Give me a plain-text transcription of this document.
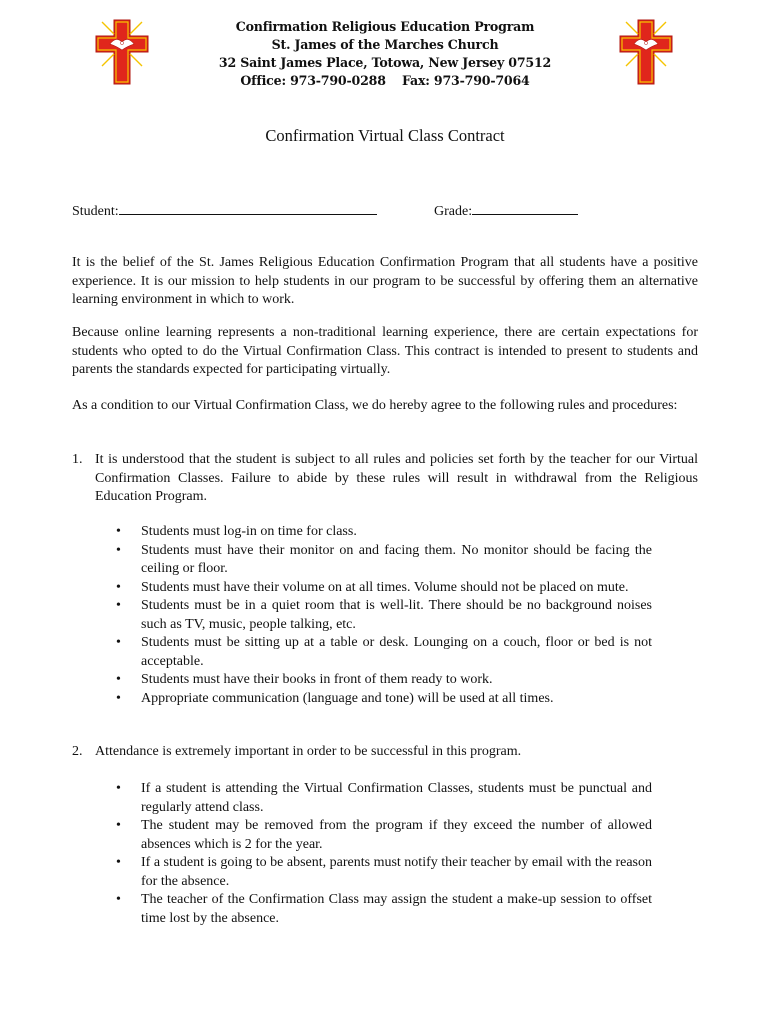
Confirmation Religious Education Program
St. James of the Marches Church
32 Saint James Place, Totowa, New Jersey 07512
Office: 973-790-0288 Fax: 973-790-7064
Confirmation Virtual Class Contract
Student:	Grade:

It is the belief of the St. James Religious Education Confirmation Program that all students have a positive experience. It is our mission to help students in our program to be successful by offering them an alternative learning environment in which to work.

Because online learning represents a non-traditional learning experience, there are certain expectations for students who opted to do the Virtual Confirmation Class. This contract is intended to present to students and parents the standards expected for participating virtually.

As a condition to our Virtual Confirmation Class, we do hereby agree to the following rules and procedures:

1. It is understood that the student is subject to all rules and policies set forth by the teacher for our Virtual Confirmation Classes. Failure to abide by these rules will result in withdrawal from the Religious Education Program.
• Students must log-in on time for class.
• Students must have their monitor on and facing them. No monitor should be facing the ceiling or floor.
• Students must have their volume on at all times. Volume should not be placed on mute.
• Students must be in a quiet room that is well-lit. There should be no background noises such as TV, music, people talking, etc.
• Students must be sitting up at a table or desk. Lounging on a couch, floor or bed is not acceptable.
• Students must have their books in front of them ready to work.
• Appropriate communication (language and tone) will be used at all times.
2. Attendance is extremely important in order to be successful in this program.
• If a student is attending the Virtual Confirmation Classes, students must be punctual and regularly attend class.
• The student may be removed from the program if they exceed the number of allowed absences which is 2 for the year.
• If a student is going to be absent, parents must notify their teacher by email with the reason for the absence.
• The teacher of the Confirmation Class may assign the student a make-up session to offset time lost by the absence.
